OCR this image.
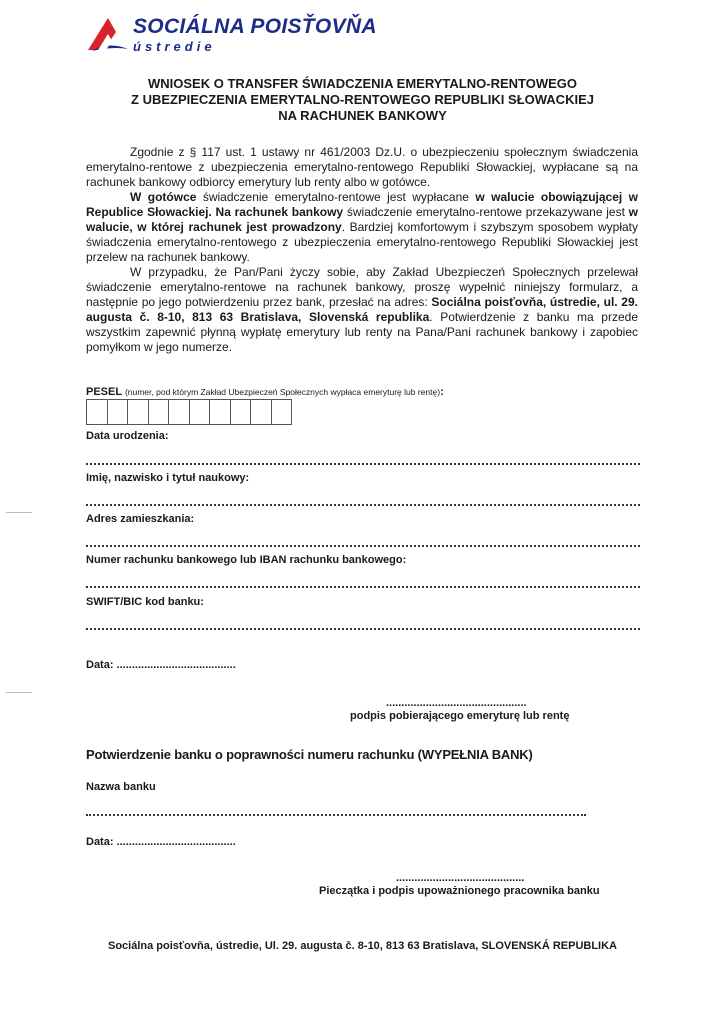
SOCIÁLNA POISŤOVŇA
ústredie
WNIOSEK O TRANSFER ŚWIADCZENIA EMERYTALNO-RENTOWEGO
Z UBEZPIECZENIA EMERYTALNO-RENTOWEGO REPUBLIKI SŁOWACKIEJ
NA RACHUNEK BANKOWY

Zgodnie z § 117 ust. 1 ustawy nr 461/2003 Dz.U. o ubezpieczeniu społecznym świadczenia emerytalno-rentowe z ubezpieczenia emerytalno-rentowego Republiki Słowackiej, wypłacane są na rachunek bankowy odbiorcy emerytury lub renty albo w gotówce.

W gotówce świadczenie emerytalno-rentowe jest wypłacane w walucie obowiązującej w Republice Słowackiej. Na rachunek bankowy świadczenie emerytalno-rentowe przekazywane jest w walucie, w której rachunek jest prowadzony. Bardziej komfortowym i szybszym sposobem wypłaty świadczenia emerytalno-rentowego z ubezpieczenia emerytalno-rentowego Republiki Słowackiej jest przelew na rachunek bankowy.

W przypadku, że Pan/Pani życzy sobie, aby Zakład Ubezpieczeń Społecznych przelewał świadczenie emerytalno-rentowe na rachunek bankowy, proszę wypełnić niniejszy formularz, a następnie po jego potwierdzeniu przez bank, przesłać na adres: Sociálna poisťovňa, ústredie, ul. 29. augusta č. 8-10, 813 63 Bratislava, Slovenská republika. Potwierdzenie z banku ma przede wszystkim zapewnić płynną wypłatę emerytury lub renty na Pana/Pani rachunek bankowy i zapobiec pomyłkom w jego numerze.

PESEL (numer, pod którym Zakład Ubezpieczeń Społecznych wypłaca emeryturę lub rentę):
Data urodzenia:
Imię, nazwisko i tytuł naukowy:
Adres zamieszkania:
Numer rachunku bankowego lub IBAN rachunku bankowego:
SWIFT/BIC kod banku:
Data: .......................................
..............................................
podpis pobierającego emeryturę lub rentę
Potwierdzenie banku o poprawności numeru rachunku (WYPEŁNIA BANK)
Nazwa banku
Data: .......................................
..........................................
Pieczątka i podpis upoważnionego pracownika banku
Sociálna poisťovňa, ústredie, Ul. 29. augusta č. 8-10, 813 63 Bratislava, SLOVENSKÁ REPUBLIKA
